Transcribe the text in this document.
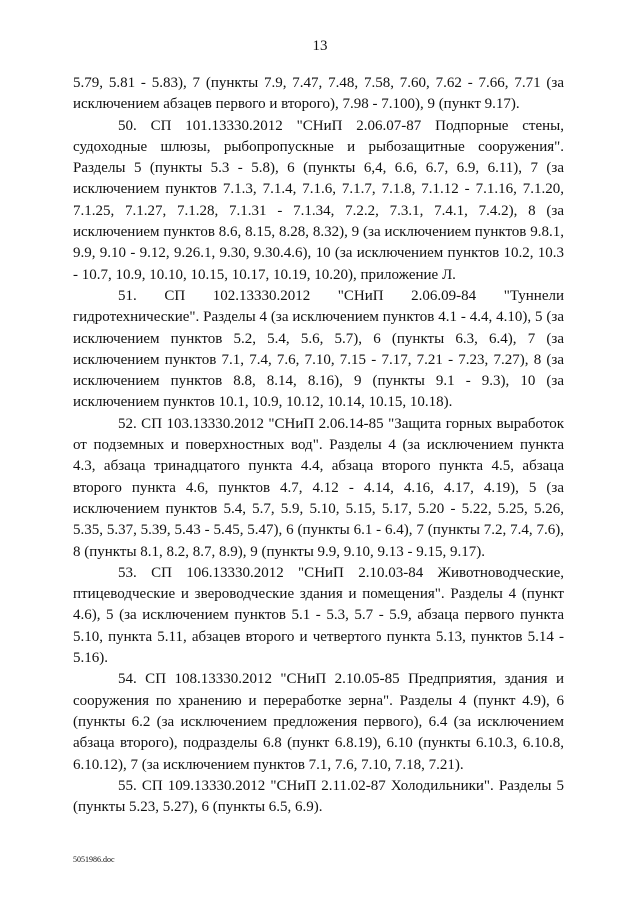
13

5.79, 5.81 - 5.83), 7 (пункты 7.9, 7.47, 7.48, 7.58, 7.60, 7.62 - 7.66, 7.71 (за исключением абзацев первого и второго), 7.98 - 7.100), 9 (пункт 9.17).

50. СП 101.13330.2012 "СНиП 2.06.07-87 Подпорные стены, судоходные шлюзы, рыбопропускные и рыбозащитные сооружения". Разделы 5 (пункты 5.3 - 5.8), 6 (пункты 6,4, 6.6, 6.7, 6.9, 6.11), 7 (за исключением пунктов 7.1.3, 7.1.4, 7.1.6, 7.1.7, 7.1.8, 7.1.12 - 7.1.16, 7.1.20, 7.1.25, 7.1.27, 7.1.28, 7.1.31 - 7.1.34, 7.2.2, 7.3.1, 7.4.1, 7.4.2), 8 (за исключением пунктов 8.6, 8.15, 8.28, 8.32), 9 (за исключением пунктов 9.8.1, 9.9, 9.10 - 9.12, 9.26.1, 9.30, 9.30.4.6), 10 (за исключением пунктов 10.2, 10.3 - 10.7, 10.9, 10.10, 10.15, 10.17, 10.19, 10.20), приложение Л.

51. СП 102.13330.2012 "СНиП 2.06.09-84 "Туннели гидротехнические". Разделы 4 (за исключением пунктов 4.1 - 4.4, 4.10), 5 (за исключением пунктов 5.2, 5.4, 5.6, 5.7), 6 (пункты 6.3, 6.4), 7 (за исключением пунктов 7.1, 7.4, 7.6, 7.10, 7.15 - 7.17, 7.21 - 7.23, 7.27), 8 (за исключением пунктов 8.8, 8.14, 8.16), 9 (пункты 9.1 - 9.3), 10 (за исключением пунктов 10.1, 10.9, 10.12, 10.14, 10.15, 10.18).

52. СП 103.13330.2012 "СНиП 2.06.14-85 "Защита горных выработок от подземных и поверхностных вод". Разделы 4 (за исключением пункта 4.3, абзаца тринадцатого пункта 4.4, абзаца второго пункта 4.5, абзаца второго пункта 4.6, пунктов 4.7, 4.12 - 4.14, 4.16, 4.17, 4.19), 5 (за исключением пунктов 5.4, 5.7, 5.9, 5.10, 5.15, 5.17, 5.20 - 5.22, 5.25, 5.26, 5.35, 5.37, 5.39, 5.43 - 5.45, 5.47), 6 (пункты 6.1 - 6.4), 7 (пункты 7.2, 7.4, 7.6), 8 (пункты 8.1, 8.2, 8.7, 8.9), 9 (пункты 9.9, 9.10, 9.13 - 9.15, 9.17).

53. СП 106.13330.2012 "СНиП 2.10.03-84 Животноводческие, птицеводческие и звероводческие здания и помещения". Разделы 4 (пункт 4.6), 5 (за исключением пунктов 5.1 - 5.3, 5.7 - 5.9, абзаца первого пункта 5.10, пункта 5.11, абзацев второго и четвертого пункта 5.13, пунктов 5.14 - 5.16).

54. СП 108.13330.2012 "СНиП 2.10.05-85 Предприятия, здания и сооружения по хранению и переработке зерна". Разделы 4 (пункт 4.9), 6 (пункты 6.2 (за исключением предложения первого), 6.4 (за исключением абзаца второго), подразделы 6.8 (пункт 6.8.19), 6.10 (пункты 6.10.3, 6.10.8, 6.10.12), 7 (за исключением пунктов 7.1, 7.6, 7.10, 7.18, 7.21).

55. СП 109.13330.2012 "СНиП 2.11.02-87 Холодильники". Разделы 5 (пункты 5.23, 5.27), 6 (пункты 6.5, 6.9).

5051986.doc
